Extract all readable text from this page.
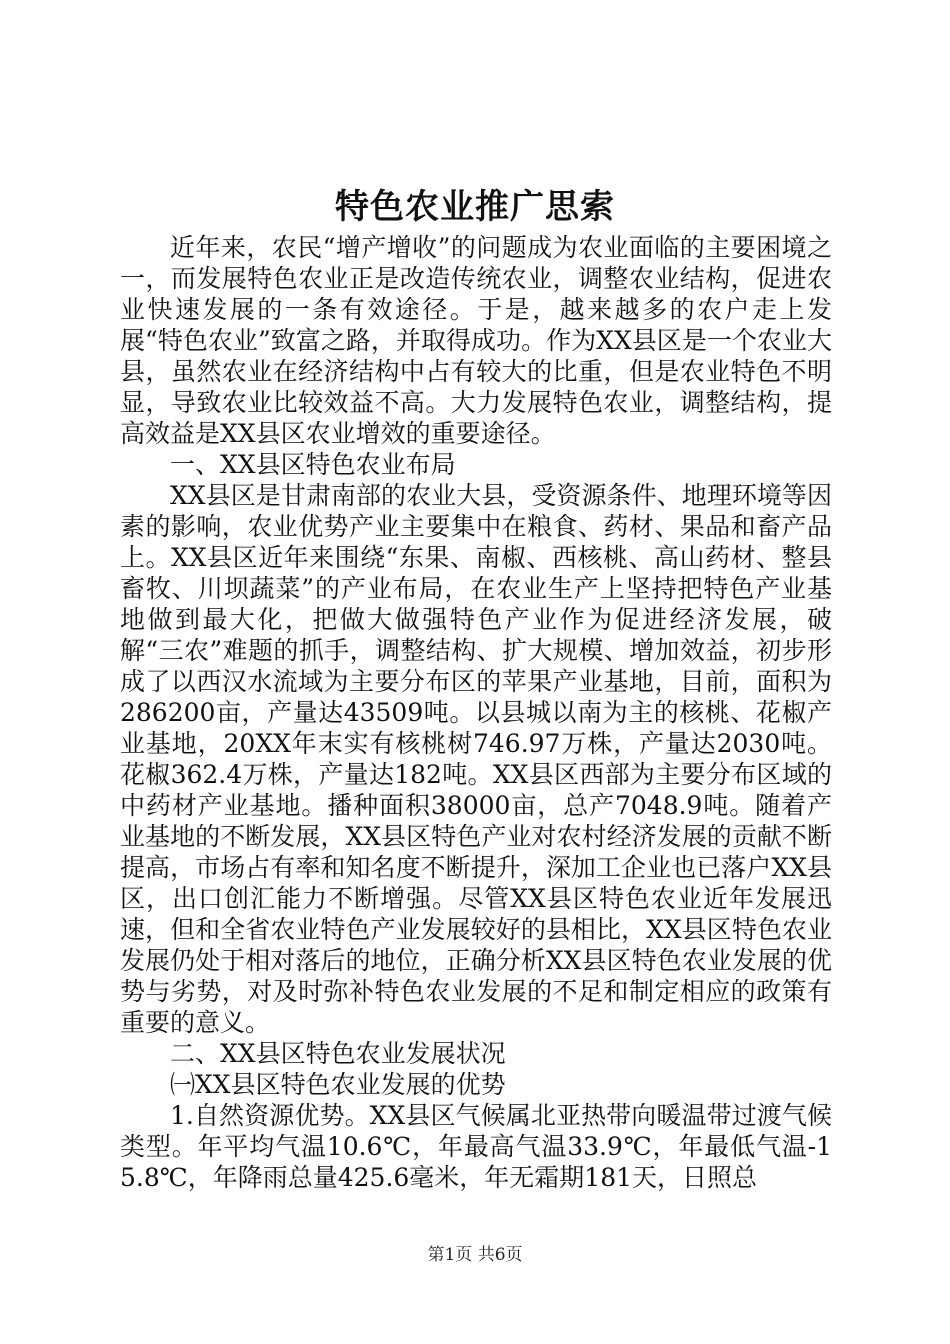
特色农业推广思索

近年来，农民“增产增收”的问题成为农业面临的主要困境之一，而发展特色农业正是改造传统农业，调整农业结构，促进农业快速发展的一条有效途径。于是，越来越多的农户走上发展“特色农业”致富之路，并取得成功。作为XX县区是一个农业大县，虽然农业在经济结构中占有较大的比重，但是农业特色不明显，导致农业比较效益不高。大力发展特色农业，调整结构，提高效益是XX县区农业增效的重要途径。

一、XX县区特色农业布局

XX县区是甘肃南部的农业大县，受资源条件、地理环境等因素的影响，农业优势产业主要集中在粮食、药材、果品和畜产品上。XX县区近年来围绕“东果、南椒、西核桃、高山药材、整县畜牧、川坝蔬菜”的产业布局，在农业生产上坚持把特色产业基地做到最大化，把做大做强特色产业作为促进经济发展，破解“三农”难题的抓手，调整结构、扩大规模、增加效益，初步形成了以西汉水流域为主要分布区的苹果产业基地，目前，面积为286200亩，产量达43509吨。以县城以南为主的核桃、花椒产业基地，20XX年末实有核桃树746.97万株，产量达2030吨。花椒362.4万株，产量达182吨。XX县区西部为主要分布区域的中药材产业基地。播种面积38000亩，总产7048.9吨。随着产业基地的不断发展，XX县区特色产业对农村经济发展的贡献不断提高，市场占有率和知名度不断提升，深加工企业也已落户XX县区，出口创汇能力不断增强。尽管XX县区特色农业近年发展迅速，但和全省农业特色产业发展较好的县相比，XX县区特色农业发展仍处于相对落后的地位，正确分析XX县区特色农业发展的优势与劣势，对及时弥补特色农业发展的不足和制定相应的政策有重要的意义。

二、XX县区特色农业发展状况

㈠XX县区特色农业发展的优势

1.自然资源优势。XX县区气候属北亚热带向暖温带过渡气候类型。年平均气温10.6℃，年最高气温33.9℃，年最低气温-15.8℃，年降雨总量425.6毫米，年无霜期181天，日照总

第1页 共6页
